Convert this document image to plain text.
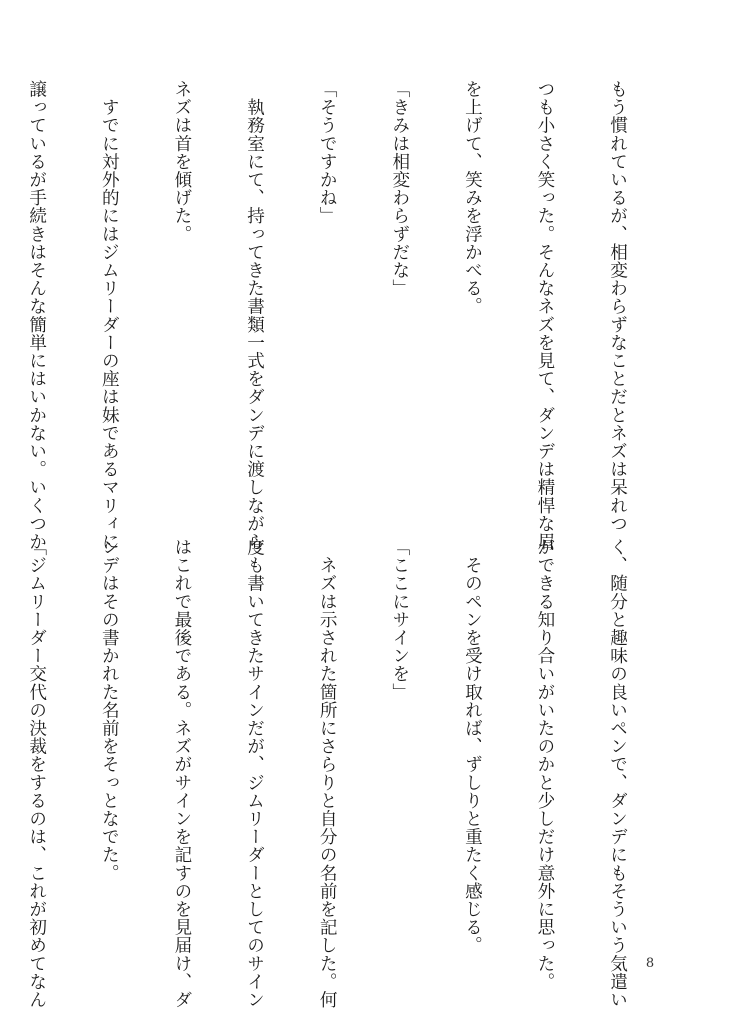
もう慣れているが、相変わらずなことだとネズは呆れつ

つも小さく笑った。そんなネズを見て、ダンデは精悍な眉

を上げて、笑みを浮かべる。

「きみは相変わらずだな」

「そうですかね」

　執務室にて、持ってきた書類一式をダンデに渡しながら

ネズは首を傾げた。

　すでに対外的にはジムリーダーの座は妹であるマリィに

譲っているが手続きはそんな簡単にはいかない。いくつか

く、随分と趣味の良いペンで、ダンデにもそういう気遣い

ができる知り合いがいたのかと少しだけ意外に思った。

　そのペンを受け取れば、ずしりと重たく感じる。

「ここにサインを」

　ネズは示された箇所にさらりと自分の名前を記した。何

度も書いてきたサインだが、ジムリーダーとしてのサイン

はこれで最後である。ネズがサインを記すのを見届け、ダ

ンデはその書かれた名前をそっとなでた。

「ジムリーダー交代の決裁をするのは、これが初めてなん

	8
